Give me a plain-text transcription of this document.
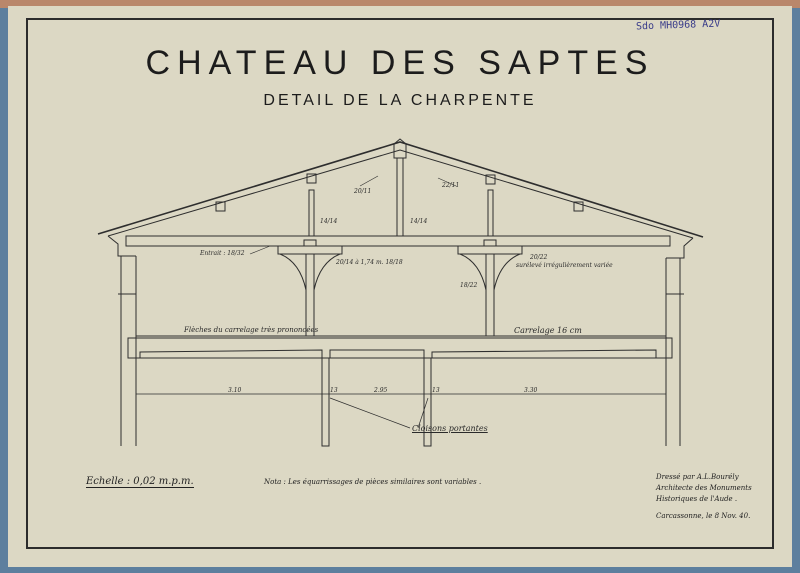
Sdo MH0968 A2V
CHATEAU DES SAPTES
DETAIL DE LA CHARPENTE
20/11
22/11
14/14	14/14
Entrait : 18/32
20/14 à 1,74 m. 18/18
20/22
surélevé irrégulièrement variée
18/22
Flèches du carrelage très prononcées	Carrelage 16 cm
3.10	13	2.95	13	3.30
Cloisons portantes
Echelle : 0,02 m.p.m.	Nota : Les équarrissages de pièces similaires sont variables .
Dressé par A.L.Bourély
Architecte des Monuments
Historiques de l'Aude .
Carcassonne, le 8 Nov. 40.
